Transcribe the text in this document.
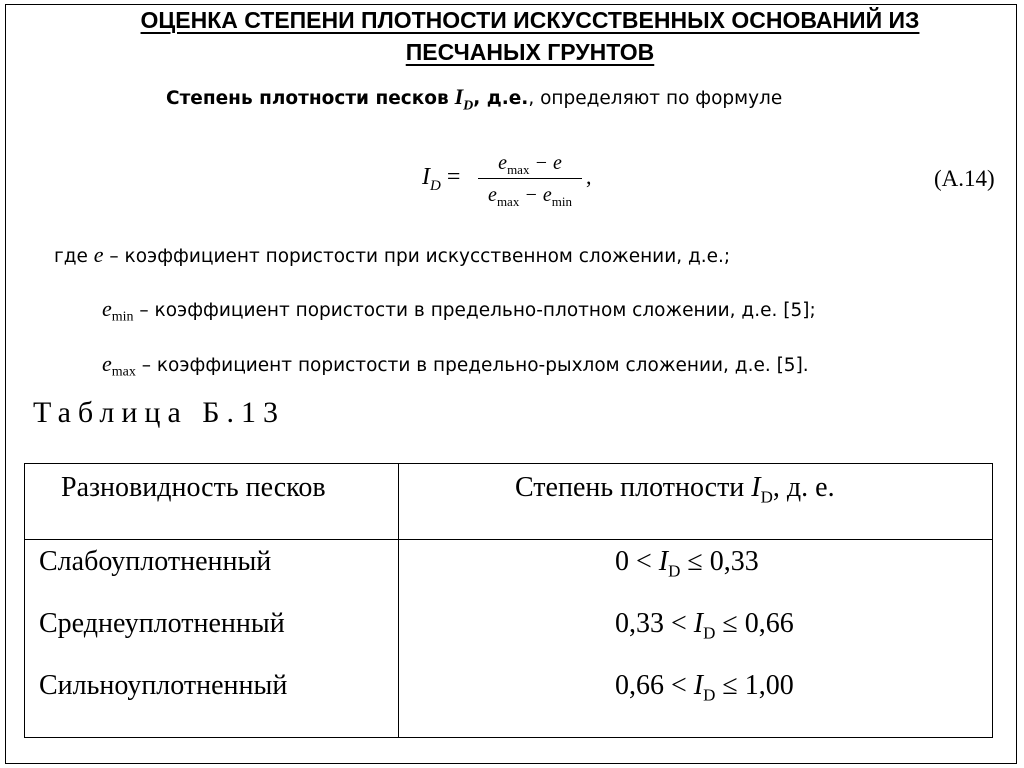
ОЦЕНКА СТЕПЕНИ ПЛОТНОСТИ ИСКУССТВЕННЫХ ОСНОВАНИЙ ИЗ
ПЕСЧАНЫХ ГРУНТОВ
Степень плотности песков $I_D$, д.е., определяют по формуле
$I_D$ =
$e_{max} - e$
$e_{max} - e_{min}$
,	(А.14)
где e – коэффициент пористости при искусственном сложении, д.е.;
$e_{min}$ – коэффициент пористости в предельно-плотном сложении, д.е. [5];
$e_{max}$ – коэффициент пористости в предельно-рыхлом сложении, д.е. [5].
Таблица Б.13
Разновидность песков	Степень плотности $I_D$, д. е.
Слабоуплотненный	$0 < I_D \le 0,33$
Среднеуплотненный	$0,33 < I_D \le 0,66$
Сильноуплотненный	$0,66 < I_D \le 1,00$
